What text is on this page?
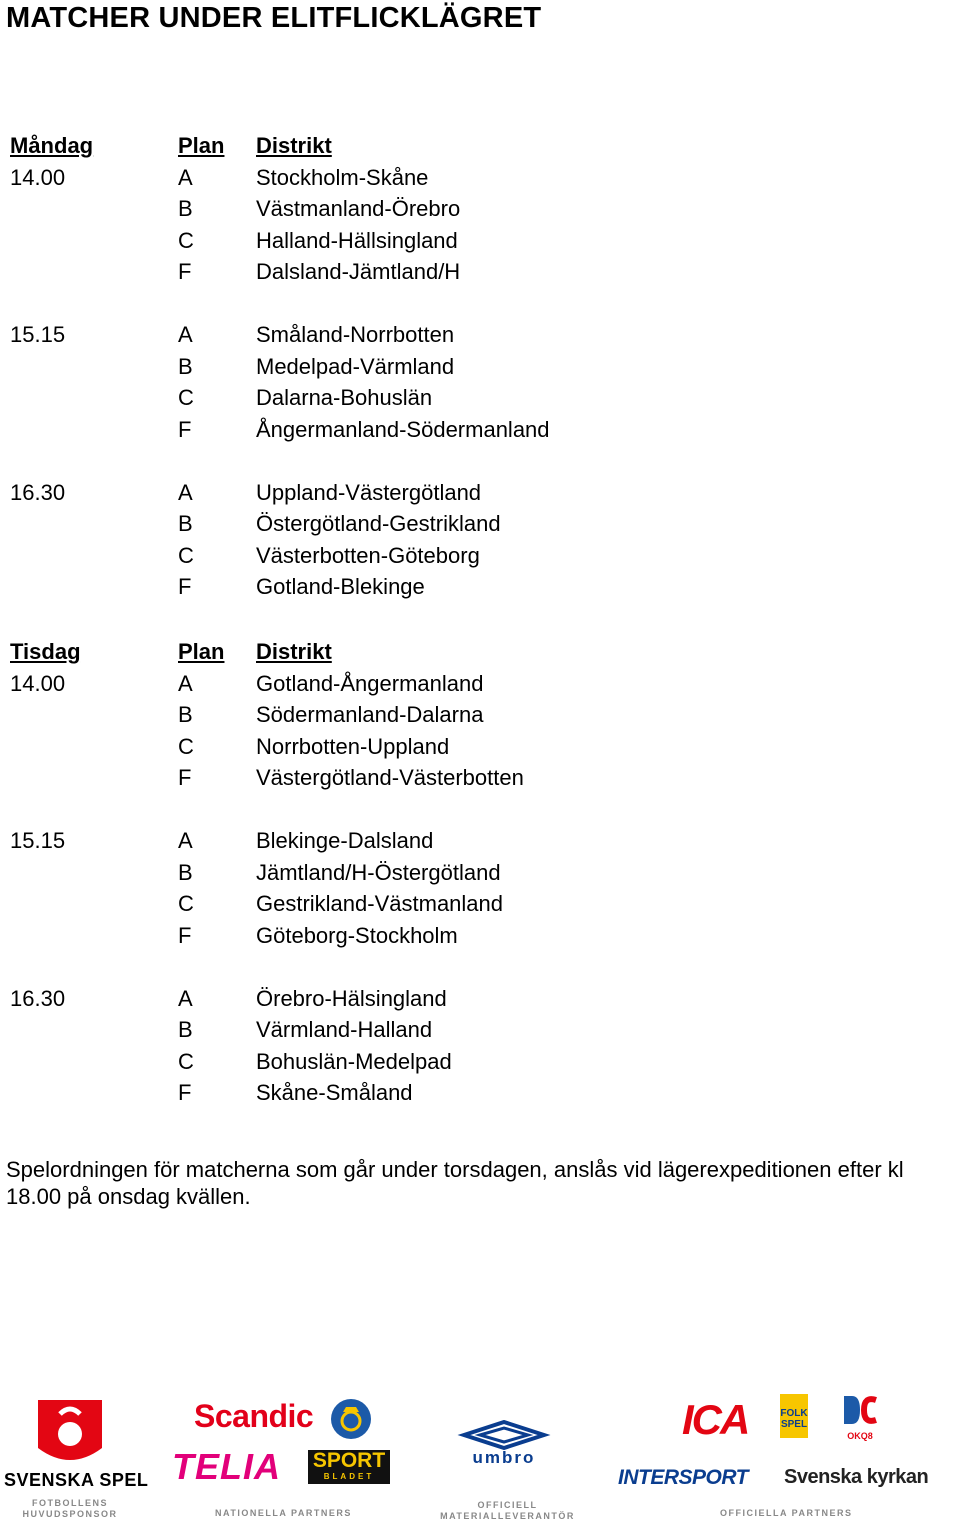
MATCHER UNDER ELITFLICKLÄGRET
Måndag	Plan Distrikt
14.00	A	Stockholm-Skåne
B	Västmanland-Örebro
C	Halland-Hällsingland
F	Dalsland-Jämtland/H
15.15	A	Småland-Norrbotten
B	Medelpad-Värmland
C	Dalarna-Bohuslän
F	Ångermanland-Södermanland
16.30	A	Uppland-Västergötland
B	Östergötland-Gestrikland
C	Västerbotten-Göteborg
F	Gotland-Blekinge
Tisdag	Plan Distrikt
14.00	A	Gotland-Ångermanland
B	Södermanland-Dalarna
C	Norrbotten-Uppland
F	Västergötland-Västerbotten
15.15	A	Blekinge-Dalsland
B	Jämtland/H-Östergötland
C	Gestrikland-Västmanland
F	Göteborg-Stockholm
16.30	A	Örebro-Hälsingland
B	Värmland-Halland
C	Bohuslän-Medelpad
F	Skåne-Småland

Spelordningen för matcherna som går under torsdagen, anslås vid lägerexpeditionen efter kl 18.00 på onsdag kvällen.

SVENSKA SPEL
FOTBOLLENS HUVUDSPONSOR
Scandic
TELIA SPORT
BLADET
NATIONELLA PARTNERS
umbro
OFFICIELL MATERIALLEVERANTÖR
ICA	FOLK
SPEL
OKQ8
INTERSPORT Svenska kyrkan
OFFICIELLA PARTNERS
